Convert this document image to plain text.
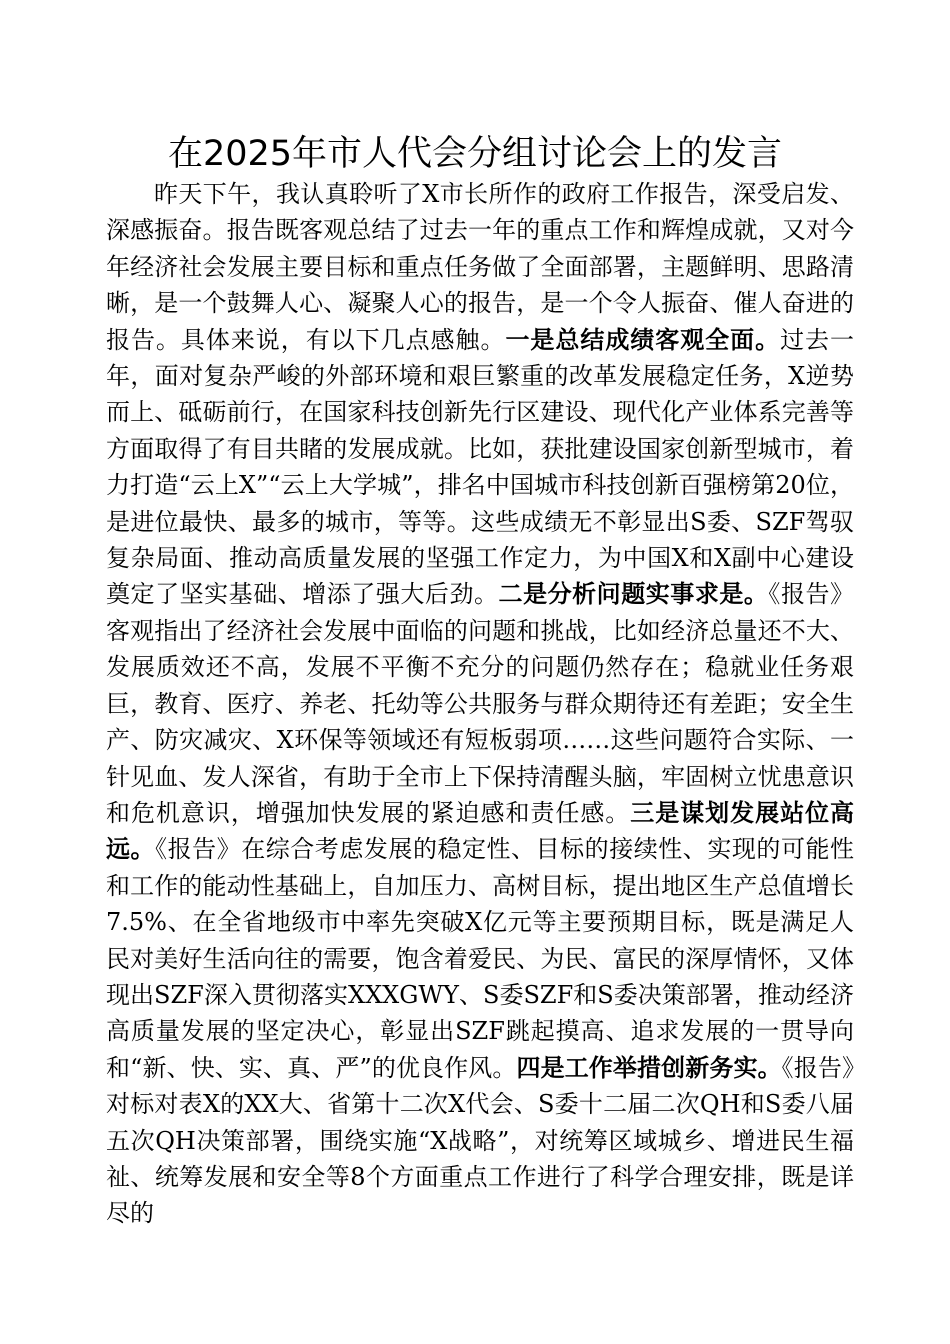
在2025年市人代会分组讨论会上的发言

昨天下午，我认真聆听了X市长所作的政府工作报告，深受启发、深感振奋。报告既客观总结了过去一年的重点工作和辉煌成就，又对今年经济社会发展主要目标和重点任务做了全面部署，主题鲜明、思路清晰，是一个鼓舞人心、凝聚人心的报告，是一个令人振奋、催人奋进的报告。具体来说，有以下几点感触。一是总结成绩客观全面。过去一年，面对复杂严峻的外部环境和艰巨繁重的改革发展稳定任务，X逆势而上、砥砺前行，在国家科技创新先行区建设、现代化产业体系完善等方面取得了有目共睹的发展成就。比如，获批建设国家创新型城市，着力打造“云上X”“云上大学城”，排名中国城市科技创新百强榜第20位，是进位最快、最多的城市，等等。这些成绩无不彰显出S委、SZF驾驭复杂局面、推动高质量发展的坚强工作定力，为中国X和X副中心建设奠定了坚实基础、增添了强大后劲。二是分析问题实事求是。《报告》客观指出了经济社会发展中面临的问题和挑战，比如经济总量还不大、发展质效还不高，发展不平衡不充分的问题仍然存在；稳就业任务艰巨，教育、医疗、养老、托幼等公共服务与群众期待还有差距；安全生产、防灾减灾、X环保等领域还有短板弱项……这些问题符合实际、一针见血、发人深省，有助于全市上下保持清醒头脑，牢固树立忧患意识和危机意识，增强加快发展的紧迫感和责任感。三是谋划发展站位高远。《报告》在综合考虑发展的稳定性、目标的接续性、实现的可能性和工作的能动性基础上，自加压力、高树目标，提出地区生产总值增长7.5%、在全省地级市中率先突破X亿元等主要预期目标，既是满足人民对美好生活向往的需要，饱含着爱民、为民、富民的深厚情怀，又体现出SZF深入贯彻落实XXXGWY、S委SZF和S委决策部署，推动经济高质量发展的坚定决心，彰显出SZF跳起摸高、追求发展的一贯导向和“新、快、实、真、严”的优良作风。四是工作举措创新务实。《报告》对标对表X的XX大、省第十二次X代会、S委十二届二次QH和S委八届五次QH决策部署，围绕实施“X战略”，对统筹区域城乡、增进民生福祉、统筹发展和安全等8个方面重点工作进行了科学合理安排，既是详尽的
